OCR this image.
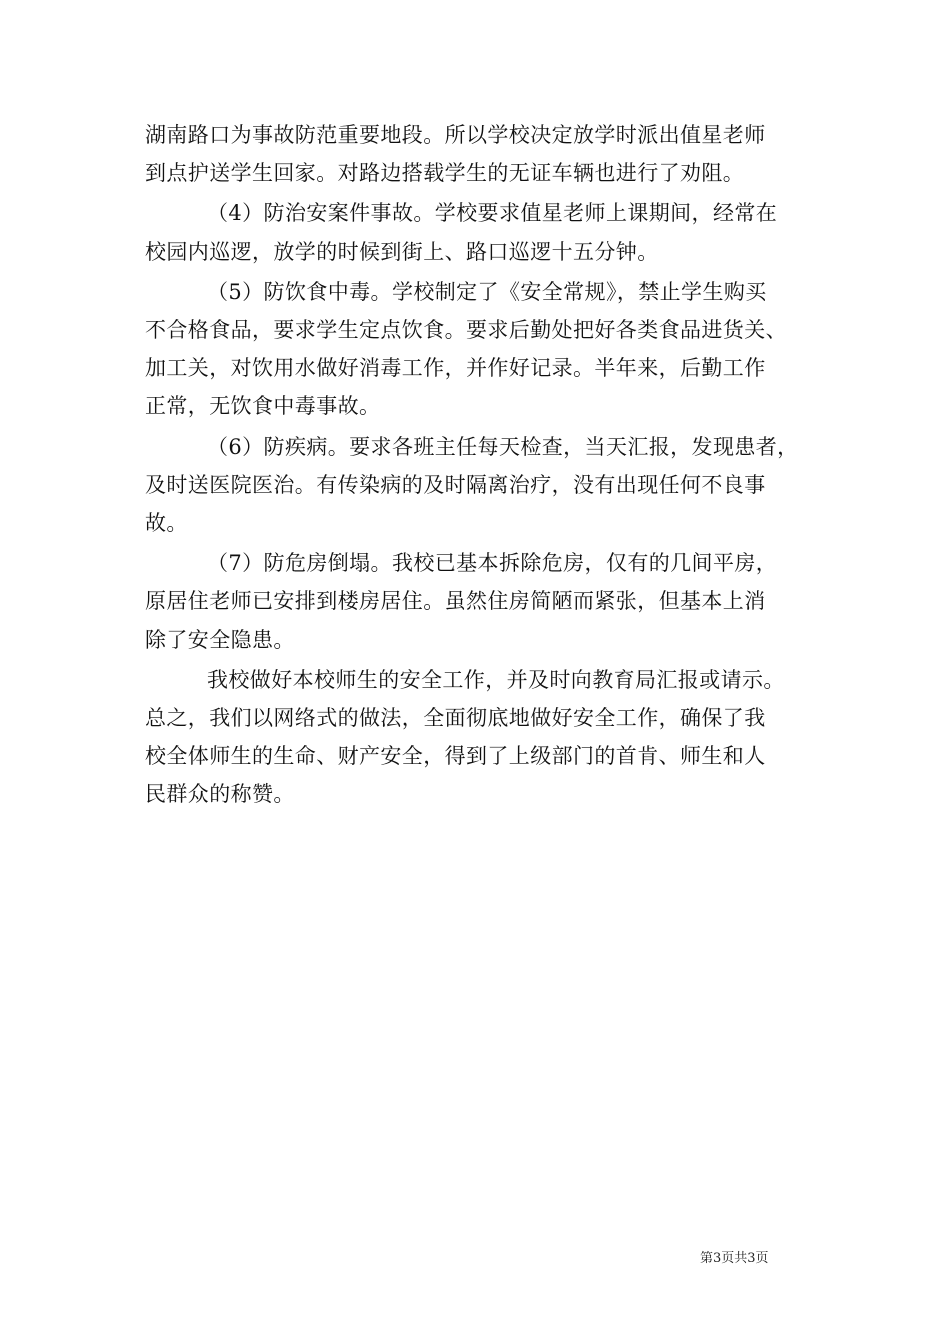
湖南路口为事故防范重要地段。所以学校决定放学时派出值星老师
到点护送学生回家。对路边搭载学生的无证车辆也进行了劝阻。

（4）防治安案件事故。学校要求值星老师上课期间，经常在
校园内巡逻，放学的时候到街上、路口巡逻十五分钟。

（5）防饮食中毒。学校制定了《安全常规》，禁止学生购买
不合格食品，要求学生定点饮食。要求后勤处把好各类食品进货关、
加工关，对饮用水做好消毒工作，并作好记录。半年来，后勤工作
正常，无饮食中毒事故。

（6）防疾病。要求各班主任每天检查，当天汇报，发现患者，
及时送医院医治。有传染病的及时隔离治疗，没有出现任何不良事
故。

（7）防危房倒塌。我校已基本拆除危房，仅有的几间平房，
原居住老师已安排到楼房居住。虽然住房简陋而紧张，但基本上消
除了安全隐患。

我校做好本校师生的安全工作，并及时向教育局汇报或请示。
总之，我们以网络式的做法，全面彻底地做好安全工作，确保了我
校全体师生的生命、财产安全，得到了上级部门的首肯、师生和人
民群众的称赞。

第3页共3页
